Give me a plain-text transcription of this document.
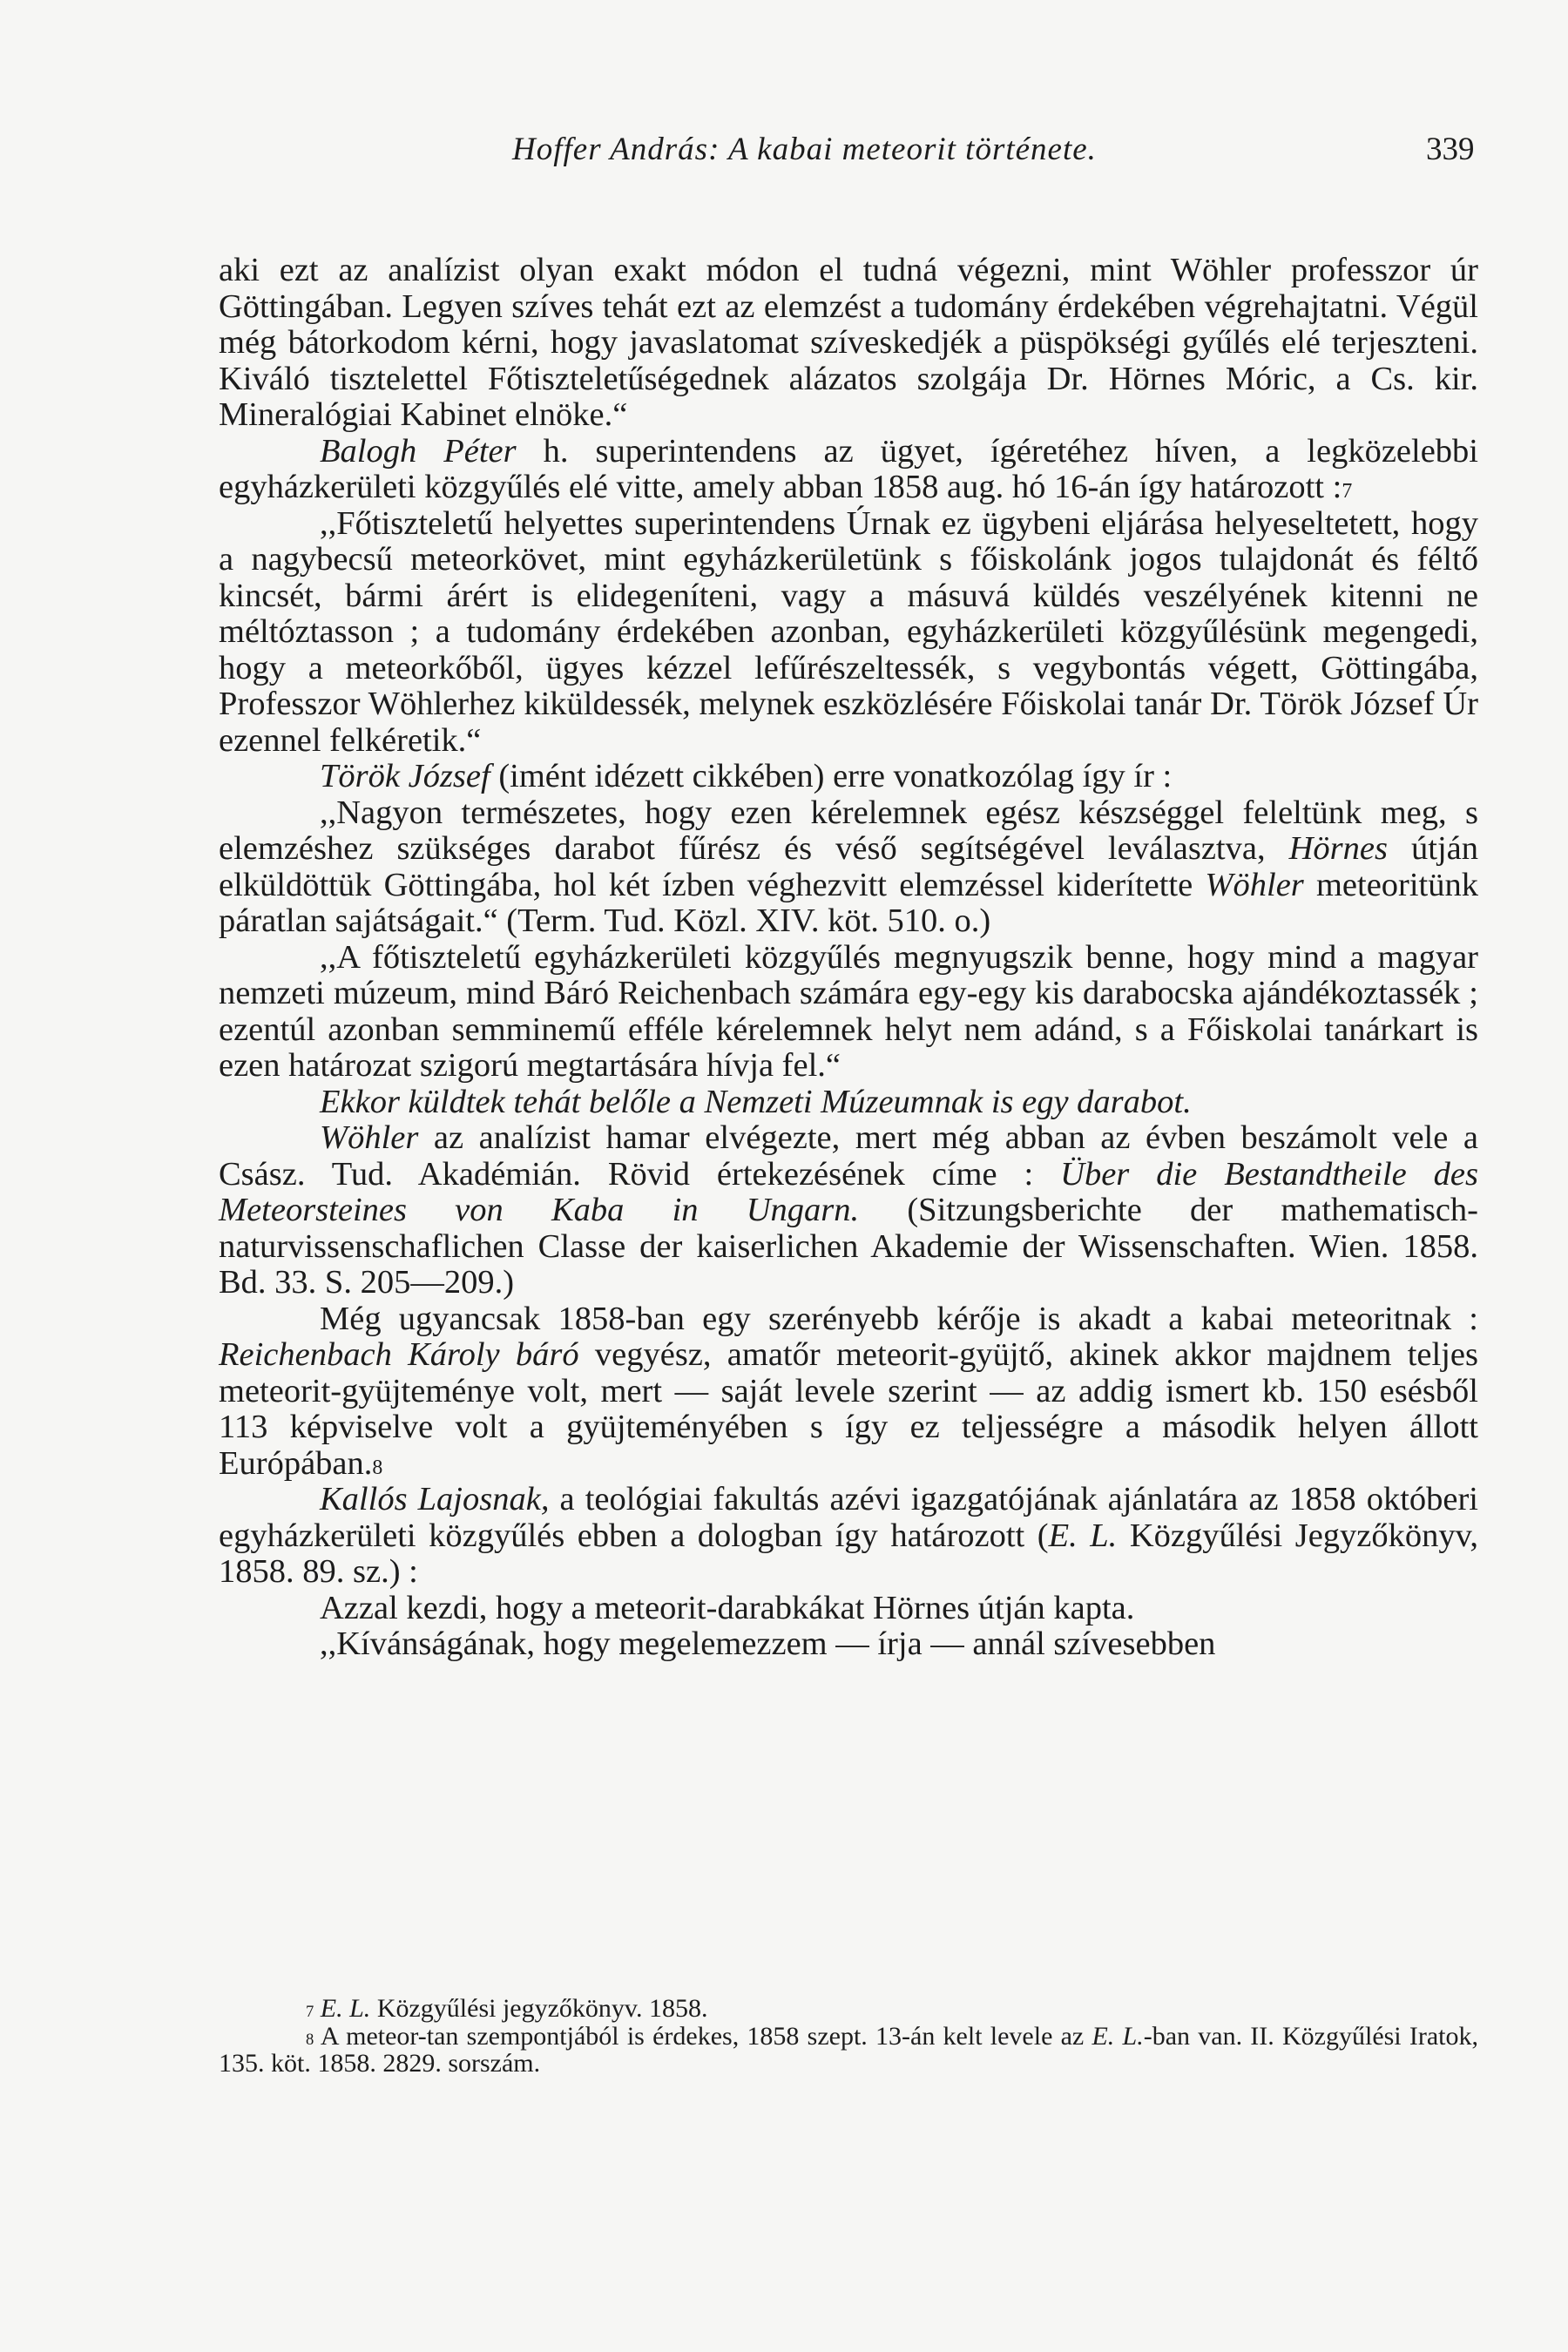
Hoffer András: A kabai meteorit története.	339

aki ezt az analízist olyan exakt módon el tudná végezni, mint Wöhler professzor úr Göttingában. Legyen szíves tehát ezt az elemzést a tudomány érdekében végrehajtatni. Végül még bátorkodom kérni, hogy javaslatomat szíveskedjék a püspökségi gyűlés elé terjeszteni. Kiváló tisztelettel Főtiszteletűségednek alázatos szolgája Dr. Hörnes Móric, a Cs. kir. Mineralógiai Kabinet elnöke.“

Balogh Péter h. superintendens az ügyet, ígéretéhez híven, a legközelebbi egyházkerületi közgyűlés elé vitte, amely abban 1858 aug. hó 16-án így határozott :$^7$

,,Főtiszteletű helyettes superintendens Úrnak ez ügybeni eljárása helyeseltetett, hogy a nagybecsű meteorkövet, mint egyházkerületünk s főiskolánk jogos tulajdonát és féltő kincsét, bármi árért is elidegeníteni, vagy a másuvá küldés veszélyének kitenni ne méltóztasson ; a tudomány érdekében azonban, egyházkerületi közgyűlésünk megengedi, hogy a meteorkőből, ügyes kézzel lefűrészeltessék, s vegybontás végett, Göttingába, Professzor Wöhlerhez kiküldessék, melynek eszközlésére Főiskolai tanár Dr. Török József Úr ezennel felkéretik.“

Török József (imént idézett cikkében) erre vonatkozólag így ír :

,,Nagyon természetes, hogy ezen kérelemnek egész készséggel feleltünk meg, s elemzéshez szükséges darabot fűrész és véső segítségével leválasztva, Hörnes útján elküldöttük Göttingába, hol két ízben véghezvitt elemzéssel kiderítette Wöhler meteoritünk páratlan sajátságait.“ (Term. Tud. Közl. XIV. köt. 510. o.)

,,A főtiszteletű egyházkerületi közgyűlés megnyugszik benne, hogy mind a magyar nemzeti múzeum, mind Báró Reichenbach számára egy-egy kis darabocska ajándékoztassék ; ezentúl azonban semminemű efféle kérelemnek helyt nem adánd, s a Főiskolai tanárkart is ezen határozat szigorú megtartására hívja fel.“

Ekkor küldtek tehát belőle a Nemzeti Múzeumnak is egy darabot.

Wöhler az analízist hamar elvégezte, mert még abban az évben beszámolt vele a Csász. Tud. Akadémián. Rövid értekezésének címe : Über die Bestandtheile des Meteorsteines von Kaba in Ungarn. (Sitzungsberichte der mathematisch-naturvissenschaflichen Classe der kaiserlichen Akademie der Wissenschaften. Wien. 1858. Bd. 33. S. 205—209.)

Még ugyancsak 1858-ban egy szerényebb kérője is akadt a kabai meteoritnak : Reichenbach Károly báró vegyész, amatőr meteorit-gyüjtő, akinek akkor majdnem teljes meteorit-gyüjteménye volt, mert — saját levele szerint — az addig ismert kb. 150 esésből 113 képviselve volt a gyüjteményében s így ez teljességre a második helyen állott Európában.$^8$

Kallós Lajosnak, a teológiai fakultás azévi igazgatójának ajánlatára az 1858 októberi egyházkerületi közgyűlés ebben a dologban így határozott (E. L. Közgyűlési Jegyzőkönyv, 1858. 89. sz.) :

Azzal kezdi, hogy a meteorit-darabkákat Hörnes útján kapta.

,,Kívánságának, hogy megelemezzem — írja — annál szívesebben

$^7$ E. L. Közgyűlési jegyzőkönyv. 1858.

$^8$ A meteor-tan szempontjából is érdekes, 1858 szept. 13-án kelt levele az E. L.-ban van. II. Közgyűlési Iratok, 135. köt. 1858. 2829. sorszám.
